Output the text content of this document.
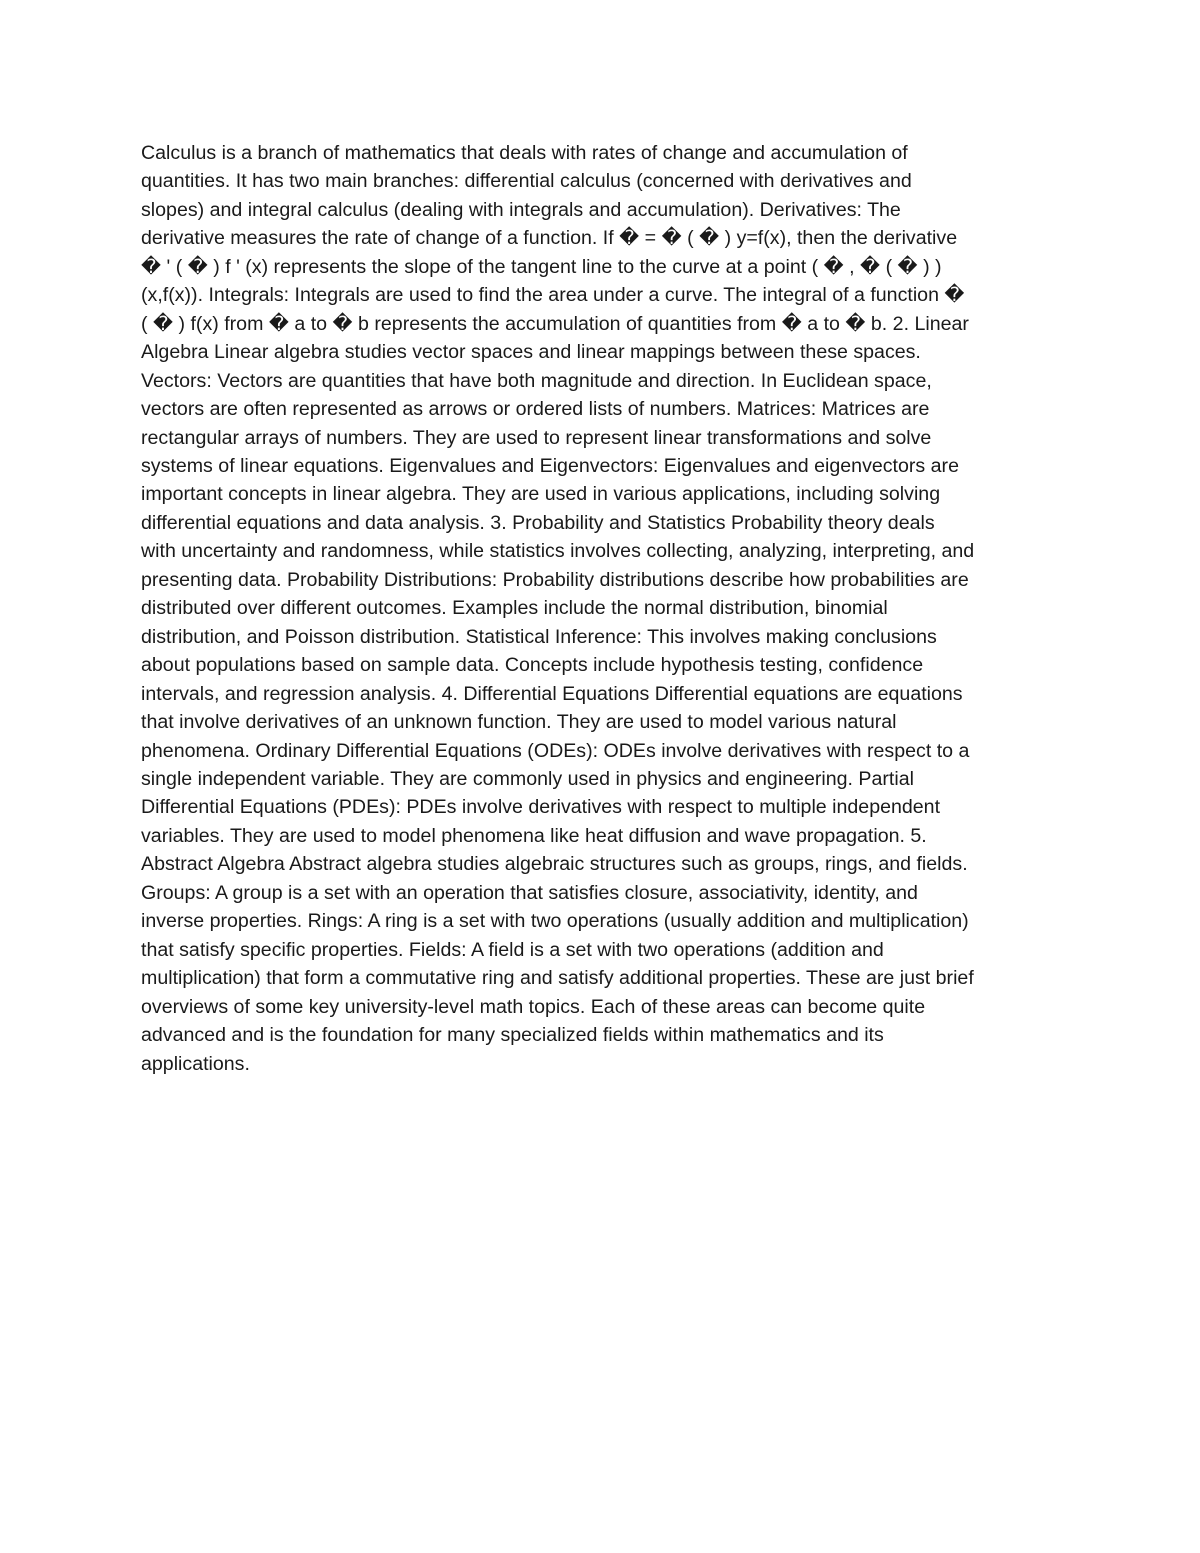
Calculus is a branch of mathematics that deals with rates of change and accumulation of
quantities. It has two main branches: differential calculus (concerned with derivatives and
slopes) and integral calculus (dealing with integrals and accumulation). Derivatives: The
derivative measures the rate of change of a function. If � = � ( � ) y=f(x), then the derivative
� ' ( � ) f ' (x) represents the slope of the tangent line to the curve at a point ( � , � ( � ) )
(x,f(x)). Integrals: Integrals are used to find the area under a curve. The integral of a function �
( � ) f(x) from � a to � b represents the accumulation of quantities from � a to � b. 2. Linear
Algebra Linear algebra studies vector spaces and linear mappings between these spaces.
Vectors: Vectors are quantities that have both magnitude and direction. In Euclidean space,
vectors are often represented as arrows or ordered lists of numbers. Matrices: Matrices are
rectangular arrays of numbers. They are used to represent linear transformations and solve
systems of linear equations. Eigenvalues and Eigenvectors: Eigenvalues and eigenvectors are
important concepts in linear algebra. They are used in various applications, including solving
differential equations and data analysis. 3. Probability and Statistics Probability theory deals
with uncertainty and randomness, while statistics involves collecting, analyzing, interpreting, and
presenting data. Probability Distributions: Probability distributions describe how probabilities are
distributed over different outcomes. Examples include the normal distribution, binomial
distribution, and Poisson distribution. Statistical Inference: This involves making conclusions
about populations based on sample data. Concepts include hypothesis testing, confidence
intervals, and regression analysis. 4. Differential Equations Differential equations are equations
that involve derivatives of an unknown function. They are used to model various natural
phenomena. Ordinary Differential Equations (ODEs): ODEs involve derivatives with respect to a
single independent variable. They are commonly used in physics and engineering. Partial
Differential Equations (PDEs): PDEs involve derivatives with respect to multiple independent
variables. They are used to model phenomena like heat diffusion and wave propagation. 5.
Abstract Algebra Abstract algebra studies algebraic structures such as groups, rings, and fields.
Groups: A group is a set with an operation that satisfies closure, associativity, identity, and
inverse properties. Rings: A ring is a set with two operations (usually addition and multiplication)
that satisfy specific properties. Fields: A field is a set with two operations (addition and
multiplication) that form a commutative ring and satisfy additional properties. These are just brief
overviews of some key university-level math topics. Each of these areas can become quite
advanced and is the foundation for many specialized fields within mathematics and its
applications.
